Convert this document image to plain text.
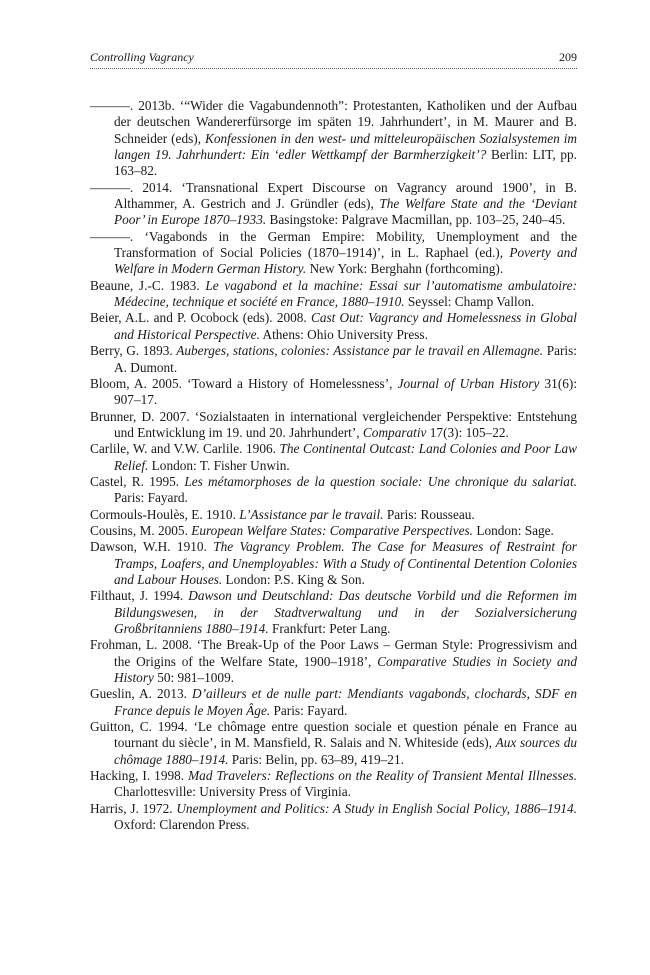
Controlling Vagrancy	209

———. 2013b. ‘“Wider die Vagabundennoth”: Protestanten, Katholiken und der Aufbau der deutschen Wandererfürsorge im späten 19. Jahrhundert’, in M. Maurer and B. Schneider (eds), Konfessionen in den west- und mitteleuropäischen Sozialsystemen im langen 19. Jahrhundert: Ein ‘edler Wettkampf der Barmherzigkeit’? Berlin: LIT, pp. 163–82.

———. 2014. ‘Transnational Expert Discourse on Vagrancy around 1900’, in B. Althammer, A. Gestrich and J. Gründler (eds), The Welfare State and the ‘Deviant Poor’ in Europe 1870–1933. Basingstoke: Palgrave Macmillan, pp. 103–25, 240–45.

———. ‘Vagabonds in the German Empire: Mobility, Unemployment and the Transformation of Social Policies (1870–1914)’, in L. Raphael (ed.), Poverty and Welfare in Modern German History. New York: Berghahn (forthcoming).

Beaune, J.-C. 1983. Le vagabond et la machine: Essai sur l’automatisme ambulatoire: Médecine, technique et société en France, 1880–1910. Seyssel: Champ Vallon.

Beier, A.L. and P. Ocobock (eds). 2008. Cast Out: Vagrancy and Homelessness in Global and Historical Perspective. Athens: Ohio University Press.

Berry, G. 1893. Auberges, stations, colonies: Assistance par le travail en Allemagne. Paris: A. Dumont.

Bloom, A. 2005. ‘Toward a History of Homelessness’, Journal of Urban History 31(6): 907–17.

Brunner, D. 2007. ‘Sozialstaaten in international vergleichender Perspektive: Entstehung und Entwicklung im 19. und 20. Jahrhundert’, Comparativ 17(3): 105–22.

Carlile, W. and V.W. Carlile. 1906. The Continental Outcast: Land Colonies and Poor Law Relief. London: T. Fisher Unwin.

Castel, R. 1995. Les métamorphoses de la question sociale: Une chronique du salariat. Paris: Fayard.

Cormouls-Houlès, E. 1910. L’Assistance par le travail. Paris: Rousseau.

Cousins, M. 2005. European Welfare States: Comparative Perspectives. London: Sage.

Dawson, W.H. 1910. The Vagrancy Problem. The Case for Measures of Restraint for Tramps, Loafers, and Unemployables: With a Study of Continental Detention Colonies and Labour Houses. London: P.S. King & Son.

Filthaut, J. 1994. Dawson und Deutschland: Das deutsche Vorbild und die Reformen im Bildungswesen, in der Stadtverwaltung und in der Sozialversicherung Großbritanniens 1880–1914. Frankfurt: Peter Lang.

Frohman, L. 2008. ‘The Break-Up of the Poor Laws – German Style: Progressivism and the Origins of the Welfare State, 1900–1918’, Comparative Studies in Society and History 50: 981–1009.

Gueslin, A. 2013. D’ailleurs et de nulle part: Mendiants vagabonds, clochards, SDF en France depuis le Moyen Âge. Paris: Fayard.

Guitton, C. 1994. ‘Le chômage entre question sociale et question pénale en France au tournant du siècle’, in M. Mansfield, R. Salais and N. Whiteside (eds), Aux sources du chômage 1880–1914. Paris: Belin, pp. 63–89, 419–21.

Hacking, I. 1998. Mad Travelers: Reflections on the Reality of Transient Mental Illnesses. Charlottesville: University Press of Virginia.

Harris, J. 1972. Unemployment and Politics: A Study in English Social Policy, 1886–1914. Oxford: Clarendon Press.
